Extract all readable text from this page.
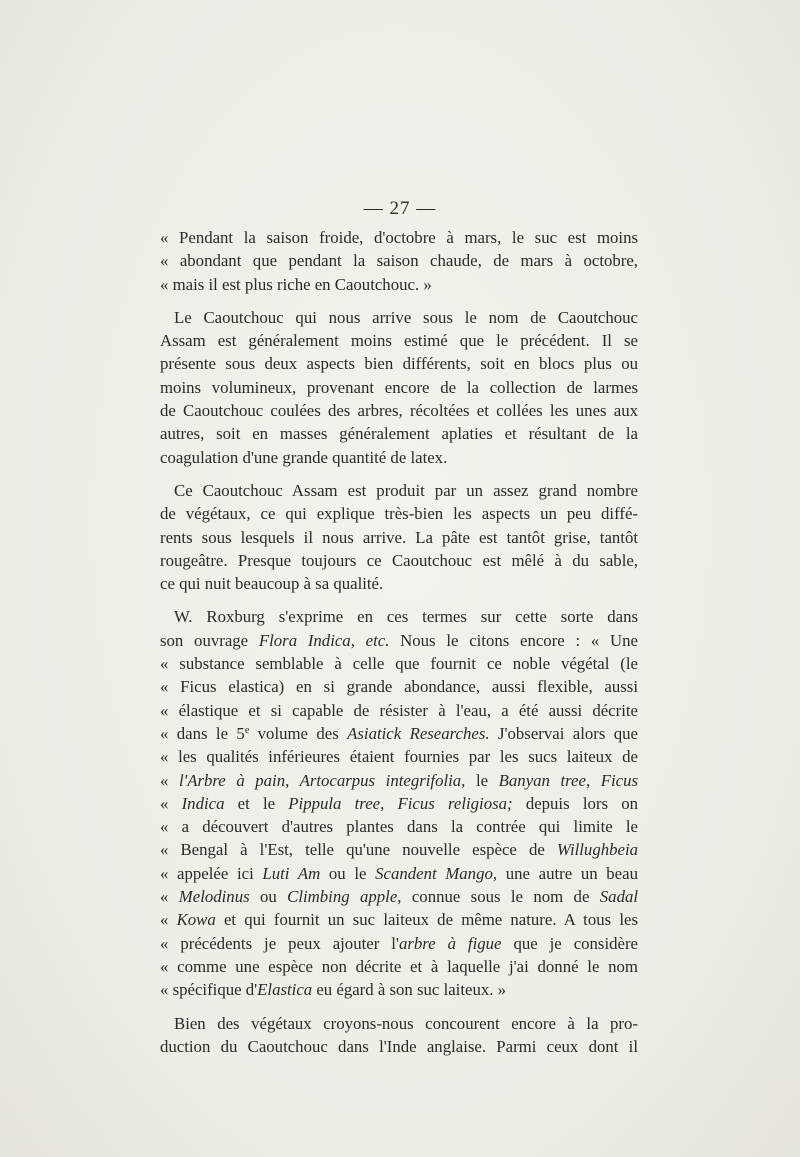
— 27 —
« Pendant la saison froide, d'octobre à mars, le suc est moins
« abondant que pendant la saison chaude, de mars à octobre,
« mais il est plus riche en Caoutchouc. »
Le Caoutchouc qui nous arrive sous le nom de Caoutchouc
Assam est généralement moins estimé que le précédent. Il se
présente sous deux aspects bien différents, soit en blocs plus ou
moins volumineux, provenant encore de la collection de larmes
de Caoutchouc coulées des arbres, récoltées et collées les unes aux
autres, soit en masses généralement aplaties et résultant de la
coagulation d'une grande quantité de latex.
Ce Caoutchouc Assam est produit par un assez grand nombre
de végétaux, ce qui explique très-bien les aspects un peu diffé-
rents sous lesquels il nous arrive. La pâte est tantôt grise, tantôt
rougeâtre. Presque toujours ce Caoutchouc est mêlé à du sable,
ce qui nuit beaucoup à sa qualité.
W. Roxburg s'exprime en ces termes sur cette sorte dans
son ouvrage Flora Indica, etc. Nous le citons encore : « Une
« substance semblable à celle que fournit ce noble végétal (le
« Ficus elastica) en si grande abondance, aussi flexible, aussi
« élastique et si capable de résister à l'eau, a été aussi décrite
« dans le 5e volume des Asiatick Researches. J'observai alors que
« les qualités inférieures étaient fournies par les sucs laiteux de
« l'Arbre à pain, Artocarpus integrifolia, le Banyan tree, Ficus
« Indica et le Pippula tree, Ficus religiosa; depuis lors on
« a découvert d'autres plantes dans la contrée qui limite le
« Bengal à l'Est, telle qu'une nouvelle espèce de Willughbeia
« appelée ici Luti Am ou le Scandent Mango, une autre un beau
« Melodinus ou Climbing apple, connue sous le nom de Sadal
« Kowa et qui fournit un suc laiteux de même nature. A tous les
« précédents je peux ajouter l'arbre à figue que je considère
« comme une espèce non décrite et à laquelle j'ai donné le nom
« spécifique d'Elastica eu égard à son suc laiteux. »
Bien des végétaux croyons-nous concourent encore à la pro-
duction du Caoutchouc dans l'Inde anglaise. Parmi ceux dont il
